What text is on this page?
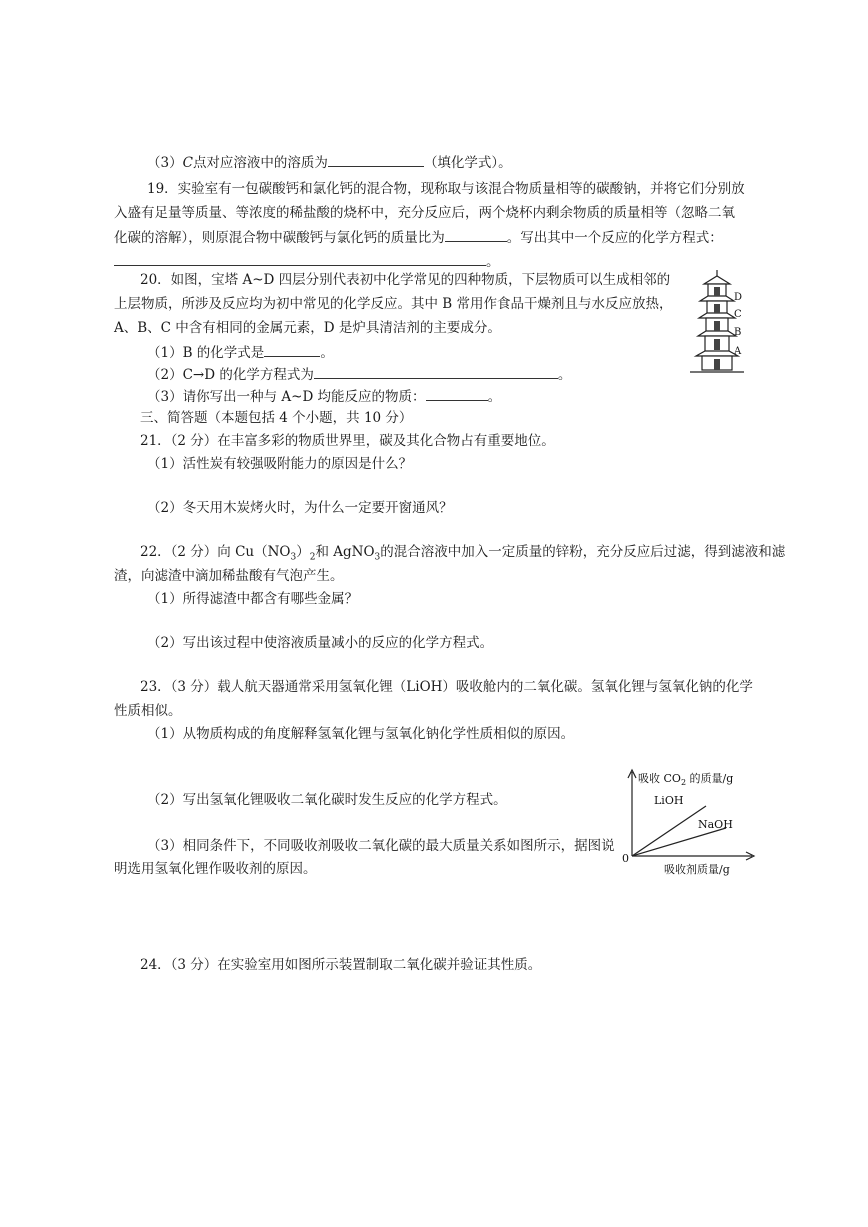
（3）C点对应溶液中的溶质为	（填化学式）。
19．实验室有一包碳酸钙和氯化钙的混合物，现称取与该混合物质量相等的碳酸钠，并将它们分别放
入盛有足量等质量、等浓度的稀盐酸的烧杯中，充分反应后，两个烧杯内剩余物质的质量相等（忽略二氧
化碳的溶解），则原混合物中碳酸钙与氯化钙的质量比为	。写出其中一个反应的化学方程式：
。
20．如图，宝塔 A~D 四层分别代表初中化学常见的四种物质，下层物质可以生成相邻的
上层物质，所涉及反应均为初中常见的化学反应。其中 B 常用作食品干燥剂且与水反应放热，
A、B、C 中含有相同的金属元素，D 是炉具清洁剂的主要成分。
（1）B 的化学式是	。
（2）C→D 的化学方程式为	。
（3）请你写出一种与 A~D 均能反应的物质：	。
D
C
B
A
三、简答题（本题包括 4 个小题，共 10 分）
21．（2 分）在丰富多彩的物质世界里，碳及其化合物占有重要地位。
（1）活性炭有较强吸附能力的原因是什么？
（2）冬天用木炭烤火时，为什么一定要开窗通风？
22．（2 分）向 $Cu(NO_3)_2$和 AgNO$_3$的混合溶液中加入一定质量的锌粉，充分反应后过滤，得到滤液和滤
渣，向滤渣中滴加稀盐酸有气泡产生。
（1）所得滤渣中都含有哪些金属？
（2）写出该过程中使溶液质量减小的反应的化学方程式。
23．（3 分）载人航天器通常采用氢氧化锂（LiOH）吸收舱内的二氧化碳。氢氧化锂与氢氧化钠的化学
性质相似。
（1）从物质构成的角度解释氢氧化锂与氢氧化钠化学性质相似的原因。
（2）写出氢氧化锂吸收二氧化碳时发生反应的化学方程式。
（3）相同条件下，不同吸收剂吸收二氧化碳的最大质量关系如图所示，据图说
明选用氢氧化锂作吸收剂的原因。
吸收 $CO_2$ 的质量/g
LiOH
NaOH
0
吸收剂质量/g
24．（3 分）在实验室用如图所示装置制取二氧化碳并验证其性质。
